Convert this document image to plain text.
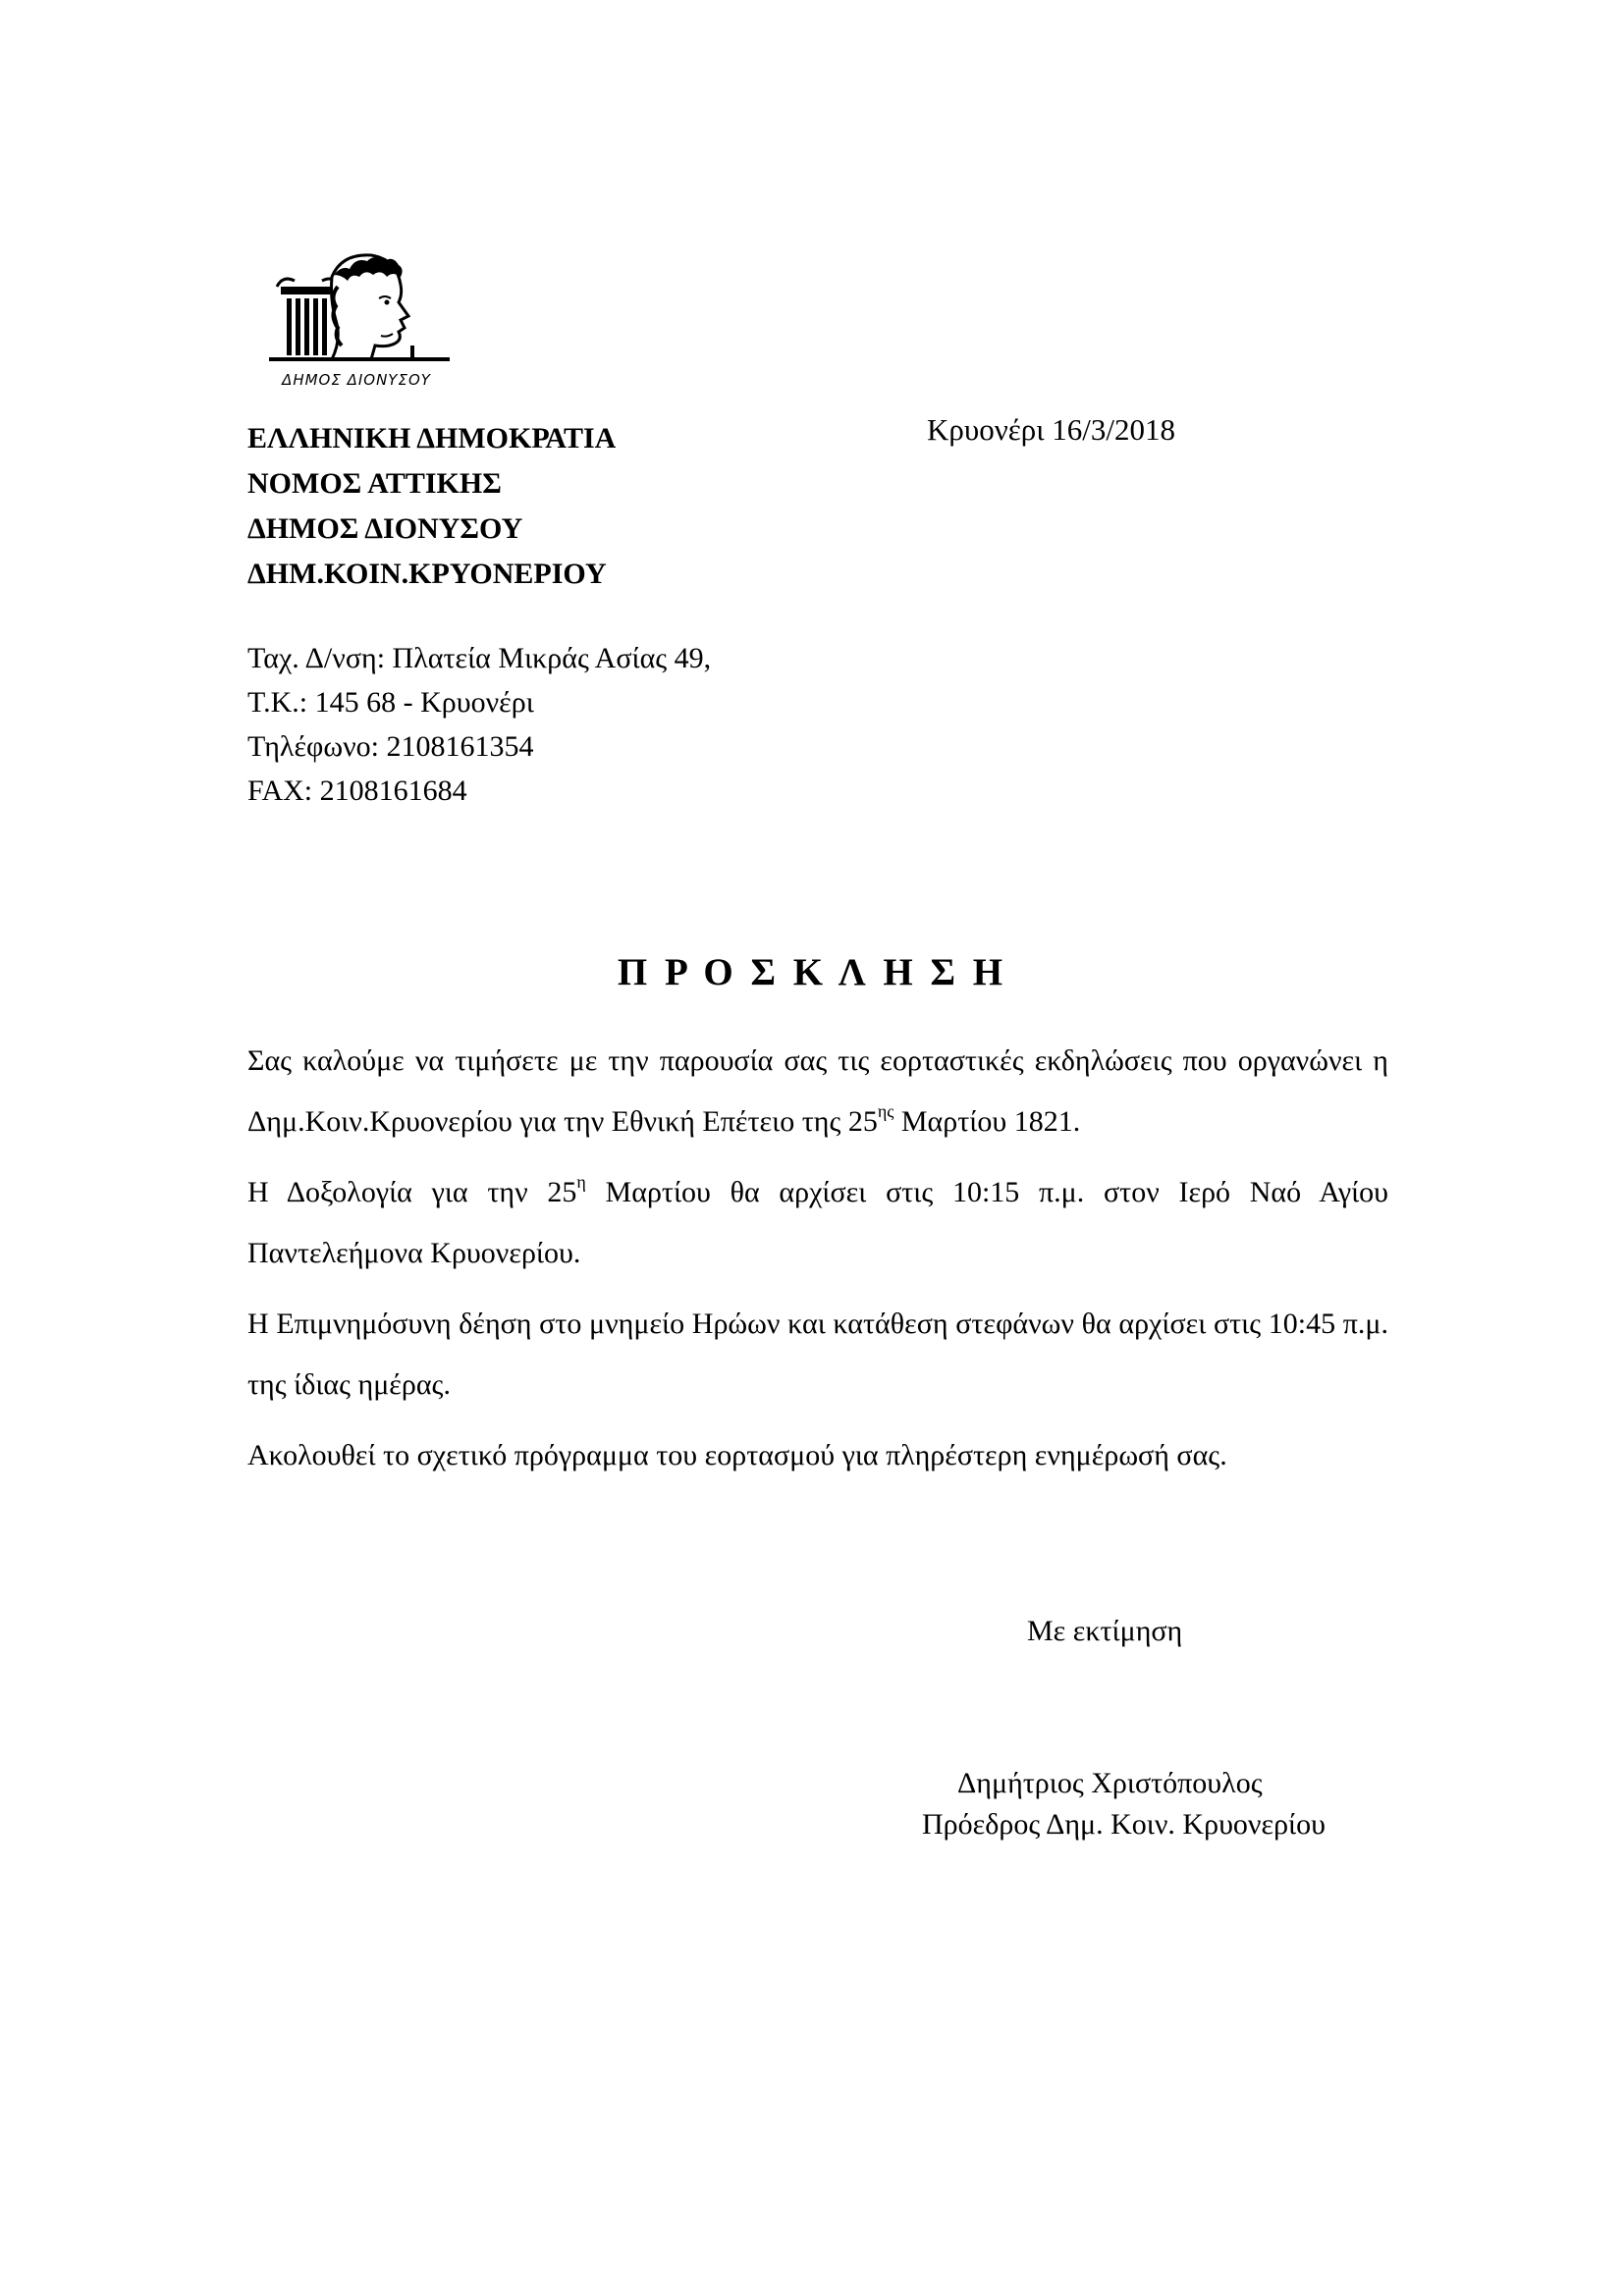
ΔΗΜΟΣ ΔΙΟΝΥΣΟΥ
ΕΛΛΗΝΙΚΗ ΔΗΜΟΚΡΑΤΙΑ
ΝΟΜΟΣ ΑΤΤΙΚΗΣ
ΔΗΜΟΣ ΔΙΟΝΥΣΟΥ
ΔΗΜ.ΚΟΙΝ.ΚΡΥΟΝΕΡΙΟΥ
Κρυονέρι 16/3/2018
Ταχ. Δ/νση: Πλατεία Μικράς Ασίας 49,
Τ.Κ.: 145 68 - Κρυονέρι
Τηλέφωνο: 2108161354
FAX: 2108161684
Π Ρ Ο Σ Κ Λ Η Σ Η

Σας καλούμε να τιμήσετε με την παρουσία σας τις εορταστικές εκδηλώσεις που οργανώνει η Δημ.Κοιν.Κρυονερίου για την Εθνική Επέτειο της $25^{\eta\varsigma}$ Μαρτίου 1821.

Η Δοξολογία για την $25^\eta$ Μαρτίου θα αρχίσει στις 10:15 π.μ. στον Ιερό Ναό Αγίου Παντελεήμονα Κρυονερίου.

Η Επιμνημόσυνη δέηση στο μνημείο Ηρώων και κατάθεση στεφάνων θα αρχίσει στις 10:45 π.μ. της ίδιας ημέρας.

Ακολουθεί το σχετικό πρόγραμμα του εορτασμού για πληρέστερη ενημέρωσή σας.

Με εκτίμηση
Δημήτριος Χριστόπουλος
Πρόεδρος Δημ. Κοιν. Κρυονερίου
